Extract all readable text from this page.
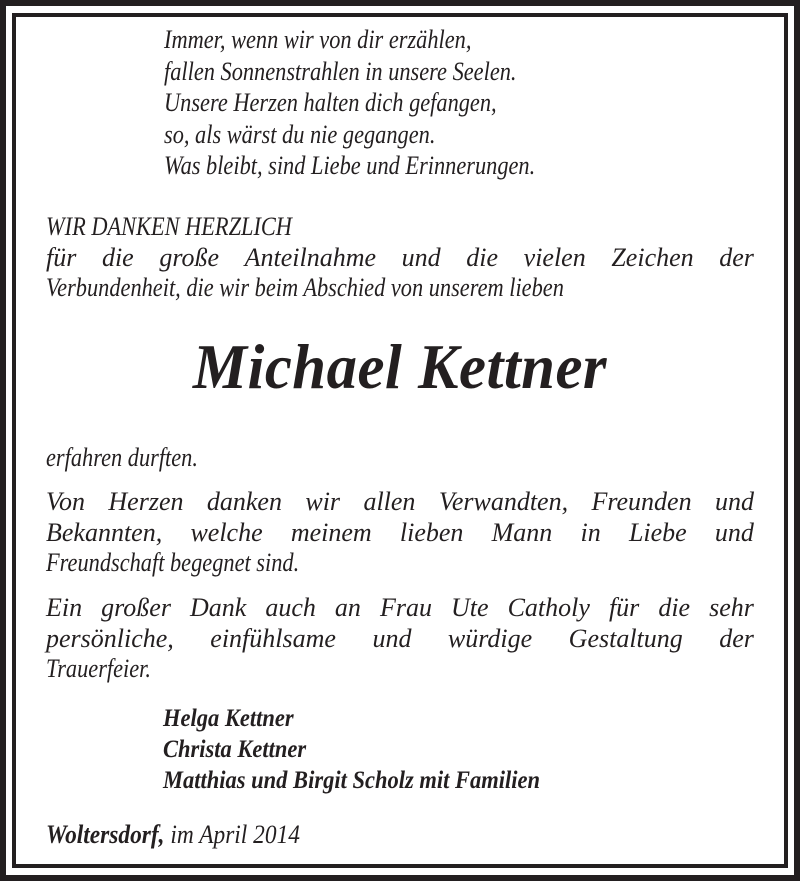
Immer, wenn wir von dir erzählen,
fallen Sonnenstrahlen in unsere Seelen.
Unsere Herzen halten dich gefangen,
so, als wärst du nie gegangen.
Was bleibt, sind Liebe und Erinnerungen.
WIR DANKEN HERZLICH
für die große Anteilnahme und die vielen Zeichen der
Verbundenheit, die wir beim Abschied von unserem lieben
Michael Kettner
erfahren durften.
Von Herzen danken wir allen Verwandten, Freunden und
Bekannten, welche meinem lieben Mann in Liebe und
Freundschaft begegnet sind.
Ein großer Dank auch an Frau Ute Catholy für die sehr
persönliche, einfühlsame und würdige Gestaltung der
Trauerfeier.
Helga Kettner
Christa Kettner
Matthias und Birgit Scholz mit Familien
Woltersdorf, im April 2014
